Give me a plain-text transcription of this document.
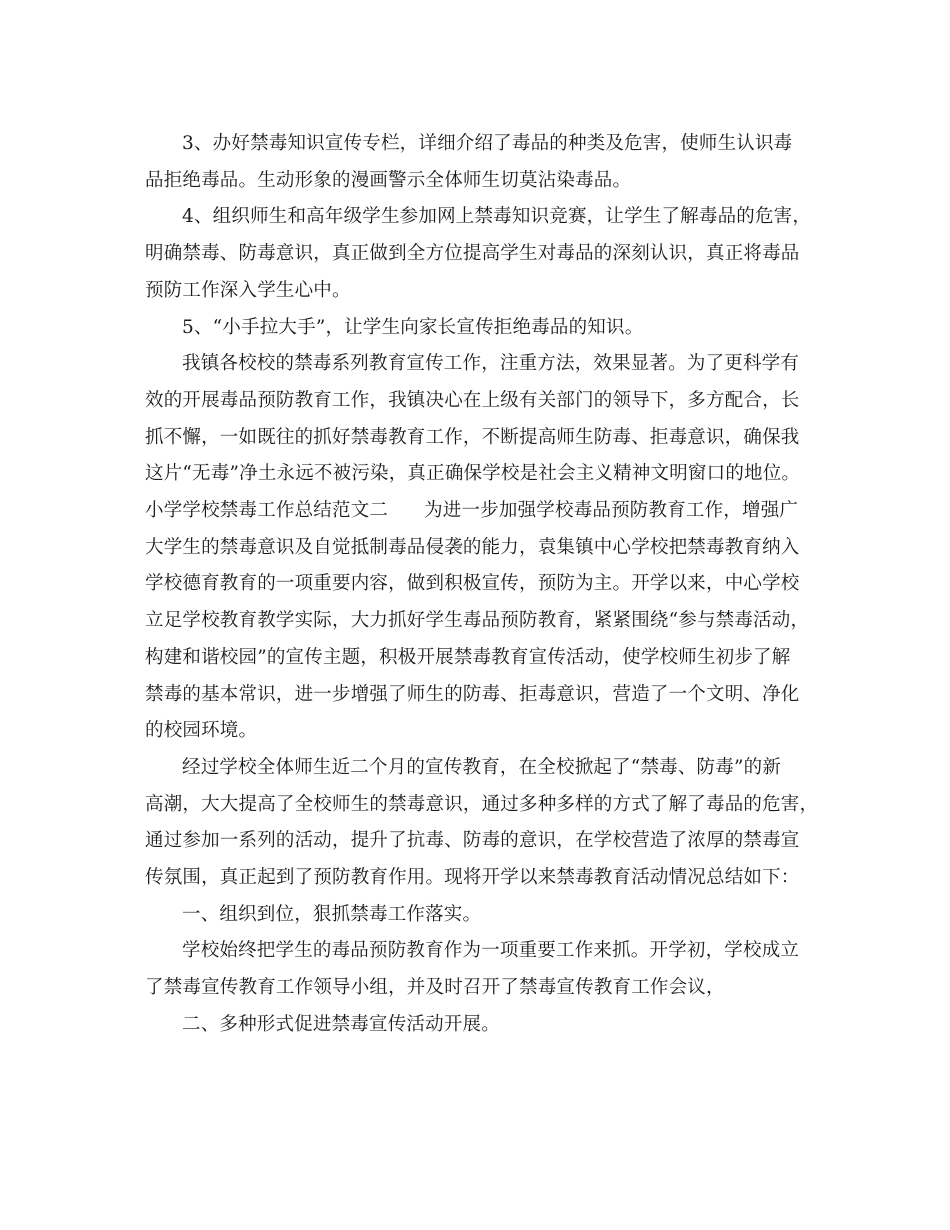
3、办好禁毒知识宣传专栏，详细介绍了毒品的种类及危害，使师生认识毒
品拒绝毒品。生动形象的漫画警示全体师生切莫沾染毒品。

4、组织师生和高年级学生参加网上禁毒知识竞赛，让学生了解毒品的危害，
明确禁毒、防毒意识，真正做到全方位提高学生对毒品的深刻认识，真正将毒品
预防工作深入学生心中。

5、“小手拉大手”，让学生向家长宣传拒绝毒品的知识。

我镇各校校的禁毒系列教育宣传工作，注重方法，效果显著。为了更科学有
效的开展毒品预防教育工作，我镇决心在上级有关部门的领导下，多方配合，长
抓不懈，一如既往的抓好禁毒教育工作，不断提高师生防毒、拒毒意识，确保我
这片“无毒”净土永远不被污染，真正确保学校是社会主义精神文明窗口的地位。

小学学校禁毒工作总结范文二 为进一步加强学校毒品预防教育工作，增强广
大学生的禁毒意识及自觉抵制毒品侵袭的能力，袁集镇中心学校把禁毒教育纳入
学校德育教育的一项重要内容，做到积极宣传，预防为主。开学以来，中心学校
立足学校教育教学实际，大力抓好学生毒品预防教育，紧紧围绕“参与禁毒活动，
构建和谐校园”的宣传主题，积极开展禁毒教育宣传活动，使学校师生初步了解
禁毒的基本常识，进一步增强了师生的防毒、拒毒意识，营造了一个文明、净化
的校园环境。

经过学校全体师生近二个月的宣传教育，在全校掀起了“禁毒、防毒”的新
高潮，大大提高了全校师生的禁毒意识，通过多种多样的方式了解了毒品的危害，
通过参加一系列的活动，提升了抗毒、防毒的意识，在学校营造了浓厚的禁毒宣
传氛围，真正起到了预防教育作用。现将开学以来禁毒教育活动情况总结如下：

一、组织到位，狠抓禁毒工作落实。

学校始终把学生的毒品预防教育作为一项重要工作来抓。开学初，学校成立
了禁毒宣传教育工作领导小组，并及时召开了禁毒宣传教育工作会议，

二、多种形式促进禁毒宣传活动开展。
